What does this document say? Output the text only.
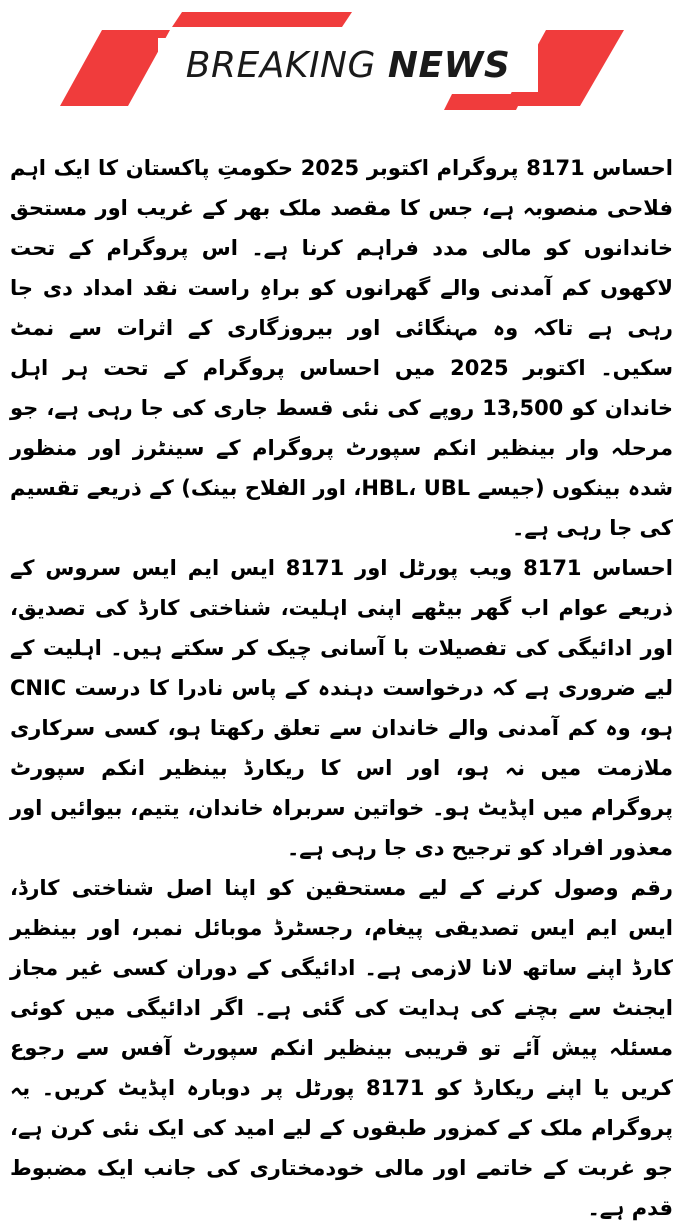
BREAKING NEWS

احساس 8171 پروگرام اکتوبر 2025 حکومتِ پاکستان کا ایک اہم فلاحی منصوبہ ہے، جس کا مقصد ملک بھر کے غریب اور مستحق خاندانوں کو مالی مدد فراہم کرنا ہے۔ اس پروگرام کے تحت لاکھوں کم آمدنی والے گھرانوں کو براہِ راست نقد امداد دی جا رہی ہے تاکہ وہ مہنگائی اور بیروزگاری کے اثرات سے نمٹ سکیں۔ اکتوبر 2025 میں احساس پروگرام کے تحت ہر اہل خاندان کو 13,500 روپے کی نئی قسط جاری کی جا رہی ہے، جو مرحلہ وار بینظیر انکم سپورٹ پروگرام کے سینٹرز اور منظور شدہ بینکوں (جیسے HBL، UBL، اور الفلاح بینک) کے ذریعے تقسیم کی جا رہی ہے۔

احساس 8171 ویب پورٹل اور 8171 ایس ایم ایس سروس کے ذریعے عوام اب گھر بیٹھے اپنی اہلیت، شناختی کارڈ کی تصدیق، اور ادائیگی کی تفصیلات با آسانی چیک کر سکتے ہیں۔ اہلیت کے لیے ضروری ہے کہ درخواست دہندہ کے پاس نادرا کا درست CNIC ہو، وہ کم آمدنی والے خاندان سے تعلق رکھتا ہو، کسی سرکاری ملازمت میں نہ ہو، اور اس کا ریکارڈ بینظیر انکم سپورٹ پروگرام میں اپڈیٹ ہو۔ خواتین سربراہ خاندان، یتیم، بیوائیں اور معذور افراد کو ترجیح دی جا رہی ہے۔

رقم وصول کرنے کے لیے مستحقین کو اپنا اصل شناختی کارڈ، ایس ایم ایس تصدیقی پیغام، رجسٹرڈ موبائل نمبر، اور بینظیر کارڈ اپنے ساتھ لانا لازمی ہے۔ ادائیگی کے دوران کسی غیر مجاز ایجنٹ سے بچنے کی ہدایت کی گئی ہے۔ اگر ادائیگی میں کوئی مسئلہ پیش آئے تو قریبی بینظیر انکم سپورٹ آفس سے رجوع کریں یا اپنے ریکارڈ کو 8171 پورٹل پر دوبارہ اپڈیٹ کریں۔ یہ پروگرام ملک کے کمزور طبقوں کے لیے امید کی ایک نئی کرن ہے، جو غربت کے خاتمے اور مالی خودمختاری کی جانب ایک مضبوط قدم ہے۔
